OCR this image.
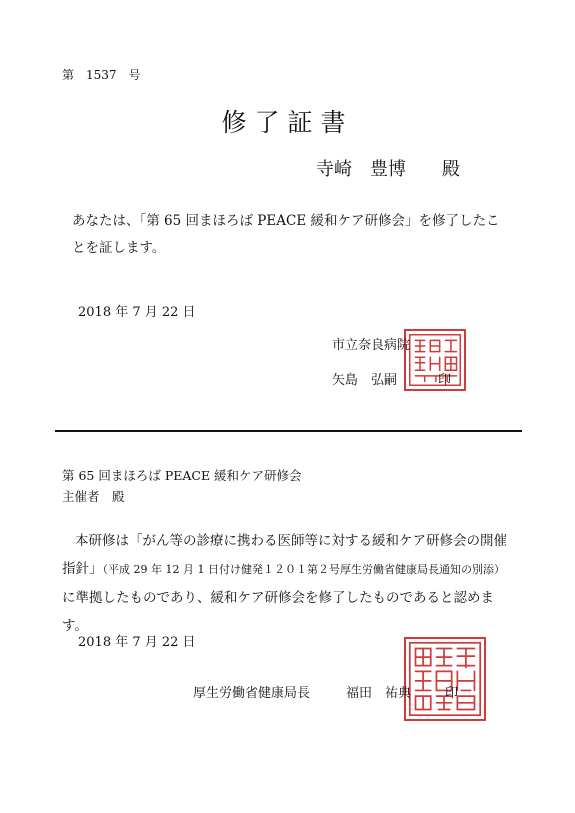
第　1537　号
修了証書
寺崎　豊博　　殿
あなたは、「第 65 回まほろば PEACE 緩和ケア研修会」を修了したことを証します。
2018 年 7 月 22 日
市立奈良病院
矢島　弘嗣	印
第 65 回まほろば PEACE 緩和ケア研修会
主催者　殿
本研修は「がん等の診療に携わる医師等に対する緩和ケア研修会の開催指針」（平成 29 年 12 月 1 日付け健発１２０１第２号厚生労働省健康局長通知の別添）に準拠したものであり、緩和ケア研修会を修了したものであると認めます。
2018 年 7 月 22 日
厚生労働省健康局長	福田　祐典	印
